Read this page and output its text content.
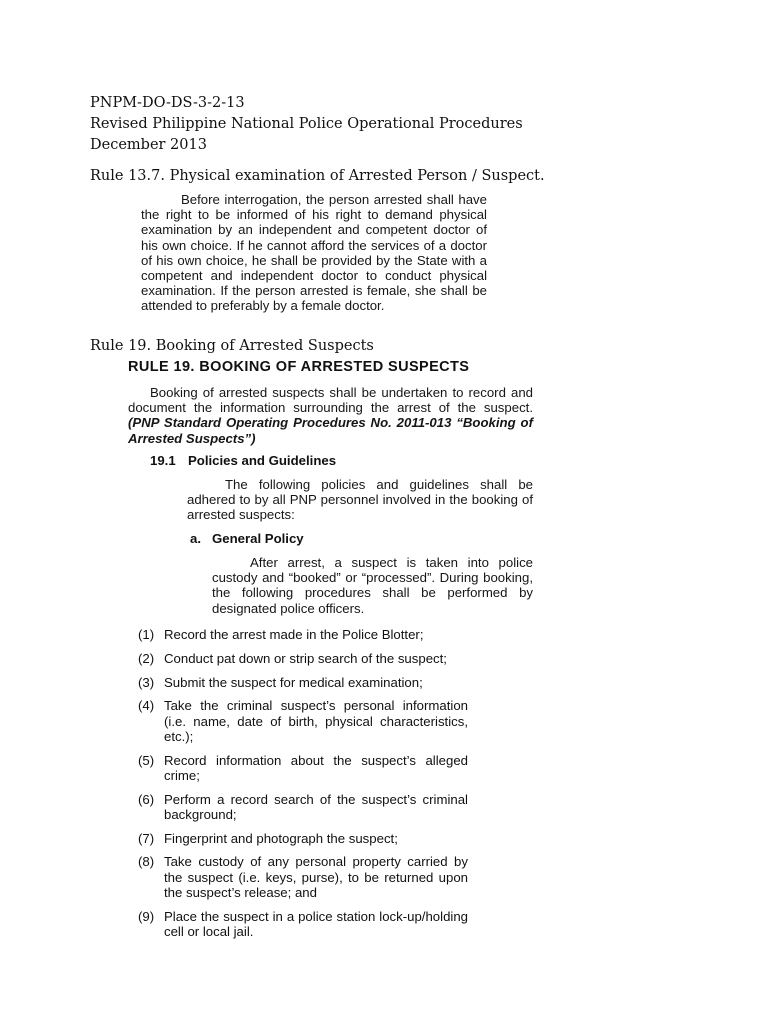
PNPM-DO-DS-3-2-13
Revised Philippine National Police Operational Procedures
December 2013
Rule 13.7. Physical examination of Arrested Person / Suspect.
Before interrogation, the person arrested shall have the right to be informed of his right to demand physical examination by an independent and competent doctor of his own choice. If he cannot afford the services of a doctor of his own choice, he shall be provided by the State with a competent and independent doctor to conduct physical examination. If the person arrested is female, she shall be attended to preferably by a female doctor.
Rule 19. Booking of Arrested Suspects
RULE 19. BOOKING OF ARRESTED SUSPECTS
Booking of arrested suspects shall be undertaken to record and document the information surrounding the arrest of the suspect. (PNP Standard Operating Procedures No. 2011-013 “Booking of Arrested Suspects”)
19.1 Policies and Guidelines
The following policies and guidelines shall be adhered to by all PNP personnel involved in the booking of arrested suspects:
a. General Policy
After arrest, a suspect is taken into police custody and “booked” or “processed”. During booking, the following procedures shall be performed by designated police officers.
(1) Record the arrest made in the Police Blotter;
(2) Conduct pat down or strip search of the suspect;
(3) Submit the suspect for medical examination;
(4) Take the criminal suspect’s personal information (i.e. name, date of birth, physical characteristics, etc.);
(5) Record information about the suspect’s alleged crime;
(6) Perform a record search of the suspect’s criminal background;
(7) Fingerprint and photograph the suspect;
(8) Take custody of any personal property carried by the suspect (i.e. keys, purse), to be returned upon the suspect’s release; and
(9) Place the suspect in a police station lock-up/holding cell or local jail.
